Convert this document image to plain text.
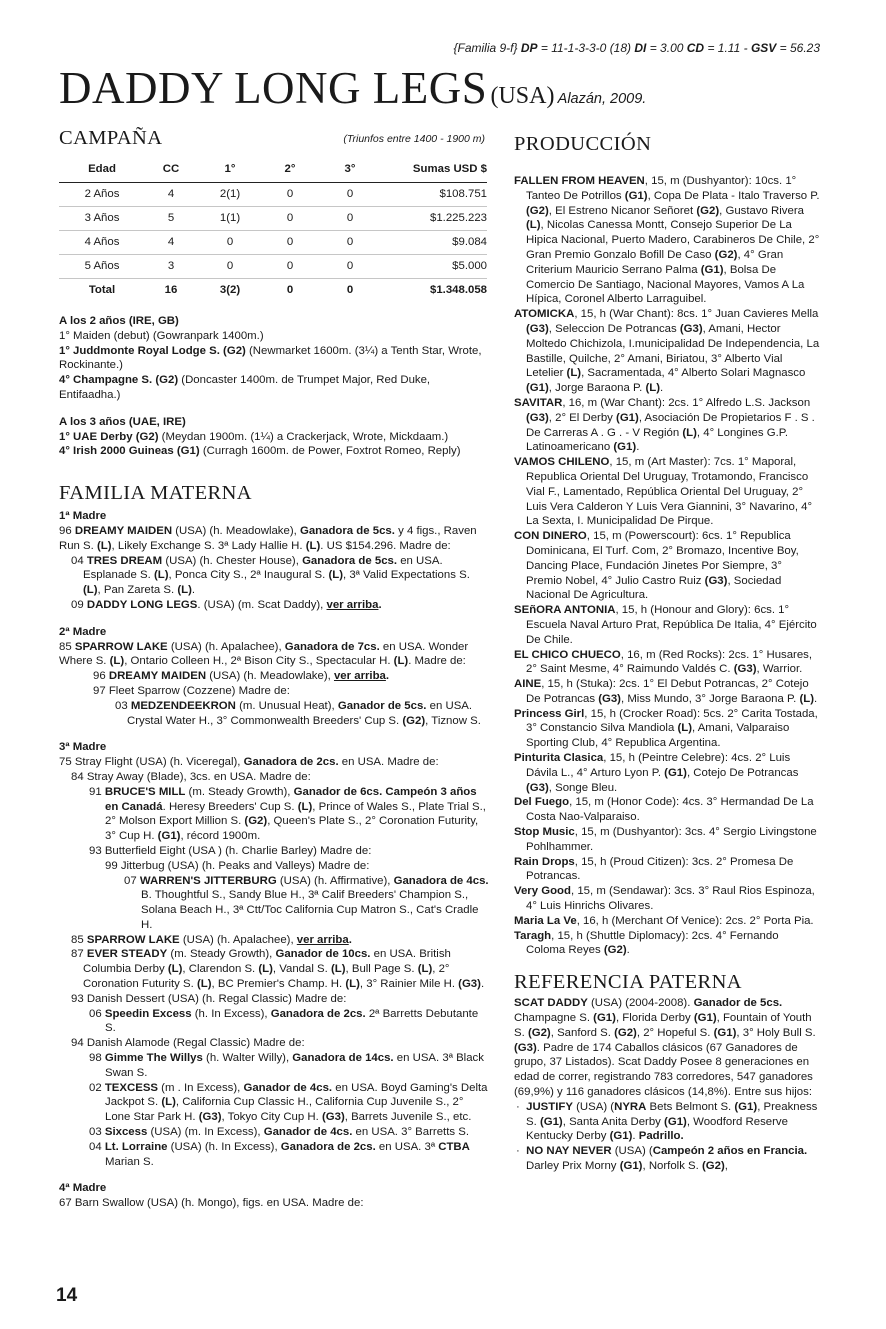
{Familia 9-f} DP = 11-1-3-3-0 (18) DI = 3.00 CD = 1.11 - GSV = 56.23
DADDY LONG LEGS (USA) Alazán, 2009.
CAMPAÑA	(Triunfos entre 1400 - 1900 m)
Edad	CC	1°	2°	3°	Sumas USD $
2 Años	4	2(1)	0	0	$108.751
3 Años	5	1(1)	0	0	$1.225.223
4 Años	4	0	0	0	$9.084
5 Años	3	0	0	0	$5.000
Total	16	3(2)	0	0	$1.348.058
A los 2 años (IRE, GB)
1° Maiden (debut) (Gowranpark 1400m.)
1° Juddmonte Royal Lodge S. (G2) (Newmarket 1600m. (3¼) a Tenth Star, Wrote, Rockinante.)
4° Champagne S. (G2) (Doncaster 1400m. de Trumpet Major, Red Duke, Entifaadha.)
A los 3 años (UAE, IRE)
1° UAE Derby (G2) (Meydan 1900m. (1¼) a Crackerjack, Wrote, Mickdaam.)
4° Irish 2000 Guineas (G1) (Curragh 1600m. de Power, Foxtrot Romeo, Reply)
FAMILIA MATERNA
1ª Madre
96 DREAMY MAIDEN (USA) (h. Meadowlake), Ganadora de 5cs. y 4 figs., Raven Run S. (L), Likely Exchange S. 3ª Lady Hallie H. (L). US $154.296. Madre de:
04 TRES DREAM (USA) (h. Chester House), Ganadora de 5cs. en USA. Esplanade S. (L), Ponca City S., 2ª Inaugural S. (L), 3ª Valid Expectations S. (L), Pan Zareta S. (L).
09 DADDY LONG LEGS. (USA) (m. Scat Daddy), ver arriba.
2ª Madre
85 SPARROW LAKE (USA) (h. Apalachee), Ganadora de 7cs. en USA. Wonder Where S. (L), Ontario Colleen H., 2ª Bison City S., Spectacular H. (L). Madre de:
96 DREAMY MAIDEN (USA) (h. Meadowlake), ver arriba.
97 Fleet Sparrow (Cozzene) Madre de:
03 MEDZENDEEKRON (m. Unusual Heat), Ganador de 5cs. en USA. Crystal Water H., 3° Commonwealth Breeders' Cup S. (G2), Tiznow S.
3ª Madre
75 Stray Flight (USA) (h. Viceregal), Ganadora de 2cs. en USA. Madre de:
84 Stray Away (Blade), 3cs. en USA. Madre de:
91 BRUCE'S MILL (m. Steady Growth), Ganador de 6cs. Campeón 3 años en Canadá. Heresy Breeders' Cup S. (L), Prince of Wales S., Plate Trial S., 2° Molson Export Million S. (G2), Queen's Plate S., 2° Coronation Futurity, 3° Cup H. (G1), récord 1900m.
93 Butterfield Eight (USA ) (h. Charlie Barley) Madre de:
99 Jitterbug (USA) (h. Peaks and Valleys) Madre de:
07 WARREN'S JITTERBURG (USA) (h. Affirmative), Ganadora de 4cs. B. Thoughtful S., Sandy Blue H., 3ª Calif Breeders' Champion S., Solana Beach H., 3ª Ctt/Toc California Cup Matron S., Cat's Cradle H.
85 SPARROW LAKE (USA) (h. Apalachee), ver arriba.
87 EVER STEADY (m. Steady Growth), Ganador de 10cs. en USA. British Columbia Derby (L), Clarendon S. (L), Vandal S. (L), Bull Page S. (L), 2° Coronation Futurity S. (L), BC Premier's Champ. H. (L), 3° Rainier Mile H. (G3).
93 Danish Dessert (USA) (h. Regal Classic) Madre de:
06 Speedin Excess (h. In Excess), Ganadora de 2cs. 2ª Barretts Debutante S.
94 Danish Alamode (Regal Classic) Madre de:
98 Gimme The Willys (h. Walter Willy), Ganadora de 14cs. en USA. 3ª Black Swan S.
02 TEXCESS (m . In Excess), Ganador de 4cs. en USA. Boyd Gaming's Delta Jackpot S. (L), California Cup Classic H., California Cup Juvenile S., 2° Lone Star Park H. (G3), Tokyo City Cup H. (G3), Barrets Juvenile S., etc.
03 Sixcess (USA) (m. In Excess), Ganador de 4cs. en USA. 3° Barretts S.
04 Lt. Lorraine (USA) (h. In Excess), Ganadora de 2cs. en USA. 3ª CTBA Marian S.
4ª Madre
67 Barn Swallow (USA) (h. Mongo), figs. en USA. Madre de:
PRODUCCIÓN

FALLEN FROM HEAVEN, 15, m (Dushyantor): 10cs. 1° Tanteo De Potrillos (G1), Copa De Plata - Italo Traverso P. (G2), El Estreno Nicanor Señoret (G2), Gustavo Rivera (L), Nicolas Canessa Montt, Consejo Superior De La Hipica Nacional, Puerto Madero, Carabineros De Chile, 2° Gran Premio Gonzalo Bofill De Caso (G2), 4° Gran Criterium Mauricio Serrano Palma (G1), Bolsa De Comercio De Santiago, Nacional Mayores, Vamos A La Hípica, Coronel Alberto Larraguibel.

ATOMICKA, 15, h (War Chant): 8cs. 1° Juan Cavieres Mella (G3), Seleccion De Potrancas (G3), Amani, Hector Moltedo Chichizola, I.municipalidad De Independencia, La Bastille, Quilche, 2° Amani, Biriatou, 3° Alberto Vial Letelier (L), Sacramentada, 4° Alberto Solari Magnasco (G1), Jorge Baraona P. (L).

SAVITAR, 16, m (War Chant): 2cs. 1° Alfredo L.S. Jackson (G3), 2° El Derby (G1), Asociación De Propietarios F . S . De Carreras A . G . - V Región (L), 4° Longines G.P. Latinoamericano (G1).

VAMOS CHILENO, 15, m (Art Master): 7cs. 1° Maporal, Republica Oriental Del Uruguay, Trotamondo, Francisco Vial F., Lamentado, República Oriental Del Uruguay, 2° Luis Vera Calderon Y Luis Vera Giannini, 3° Navarino, 4° La Sexta, I. Municipalidad De Pirque.

CON DINERO, 15, m (Powerscourt): 6cs. 1° Republica Dominicana, El Turf. Com, 2° Bromazo, Incentive Boy, Dancing Place, Fundación Jinetes Por Siempre, 3° Premio Nobel, 4° Julio Castro Ruiz (G3), Sociedad Nacional De Agricultura.

SEñORA ANTONIA, 15, h (Honour and Glory): 6cs. 1° Escuela Naval Arturo Prat, República De Italia, 4° Ejército De Chile.

EL CHICO CHUECO, 16, m (Red Rocks): 2cs. 1° Husares, 2° Saint Mesme, 4° Raimundo Valdés C. (G3), Warrior.

AINE, 15, h (Stuka): 2cs. 1° El Debut Potrancas, 2° Cotejo De Potrancas (G3), Miss Mundo, 3° Jorge Baraona P. (L).

Princess Girl, 15, h (Crocker Road): 5cs. 2° Carita Tostada, 3° Constancio Silva Mandiola (L), Amani, Valparaiso Sporting Club, 4° Republica Argentina.

Pinturita Clasica, 15, h (Peintre Celebre): 4cs. 2° Luis Dávila L., 4° Arturo Lyon P. (G1), Cotejo De Potrancas (G3), Songe Bleu.

Del Fuego, 15, m (Honor Code): 4cs. 3° Hermandad De La Costa Nao-Valparaiso.

Stop Music, 15, m (Dushyantor): 3cs. 4° Sergio Livingstone Pohlhammer.

Rain Drops, 15, h (Proud Citizen): 3cs. 2° Promesa De Potrancas.

Very Good, 15, m (Sendawar): 3cs. 3° Raul Rios Espinoza, 4° Luis Hinrichs Olivares.

Maria La Ve, 16, h (Merchant Of Venice): 2cs. 2° Porta Pia.

Taragh, 15, h (Shuttle Diplomacy): 2cs. 4° Fernando Coloma Reyes (G2).

REFERENCIA PATERNA
SCAT DADDY (USA) (2004-2008). Ganador de 5cs. Champagne S. (G1), Florida Derby (G1), Fountain of Youth S. (G2), Sanford S. (G2), 2° Hopeful S. (G1), 3° Holy Bull S. (G3). Padre de 174 Caballos clásicos (67 Ganadores de grupo, 37 Listados). Scat Daddy Posee 8 generaciones en edad de correr, registrando 783 corredores, 547 ganadores (69,9%) y 116 ganadores clásicos (14,8%). Entre sus hijos:
·  JUSTIFY (USA) (NYRA Bets Belmont S. (G1), Preakness S. (G1), Santa Anita Derby (G1), Woodford Reserve Kentucky Derby (G1). Padrillo.
·  NO NAY NEVER (USA) (Campeón 2 años en Francia. Darley Prix Morny (G1), Norfolk S. (G2),
14
